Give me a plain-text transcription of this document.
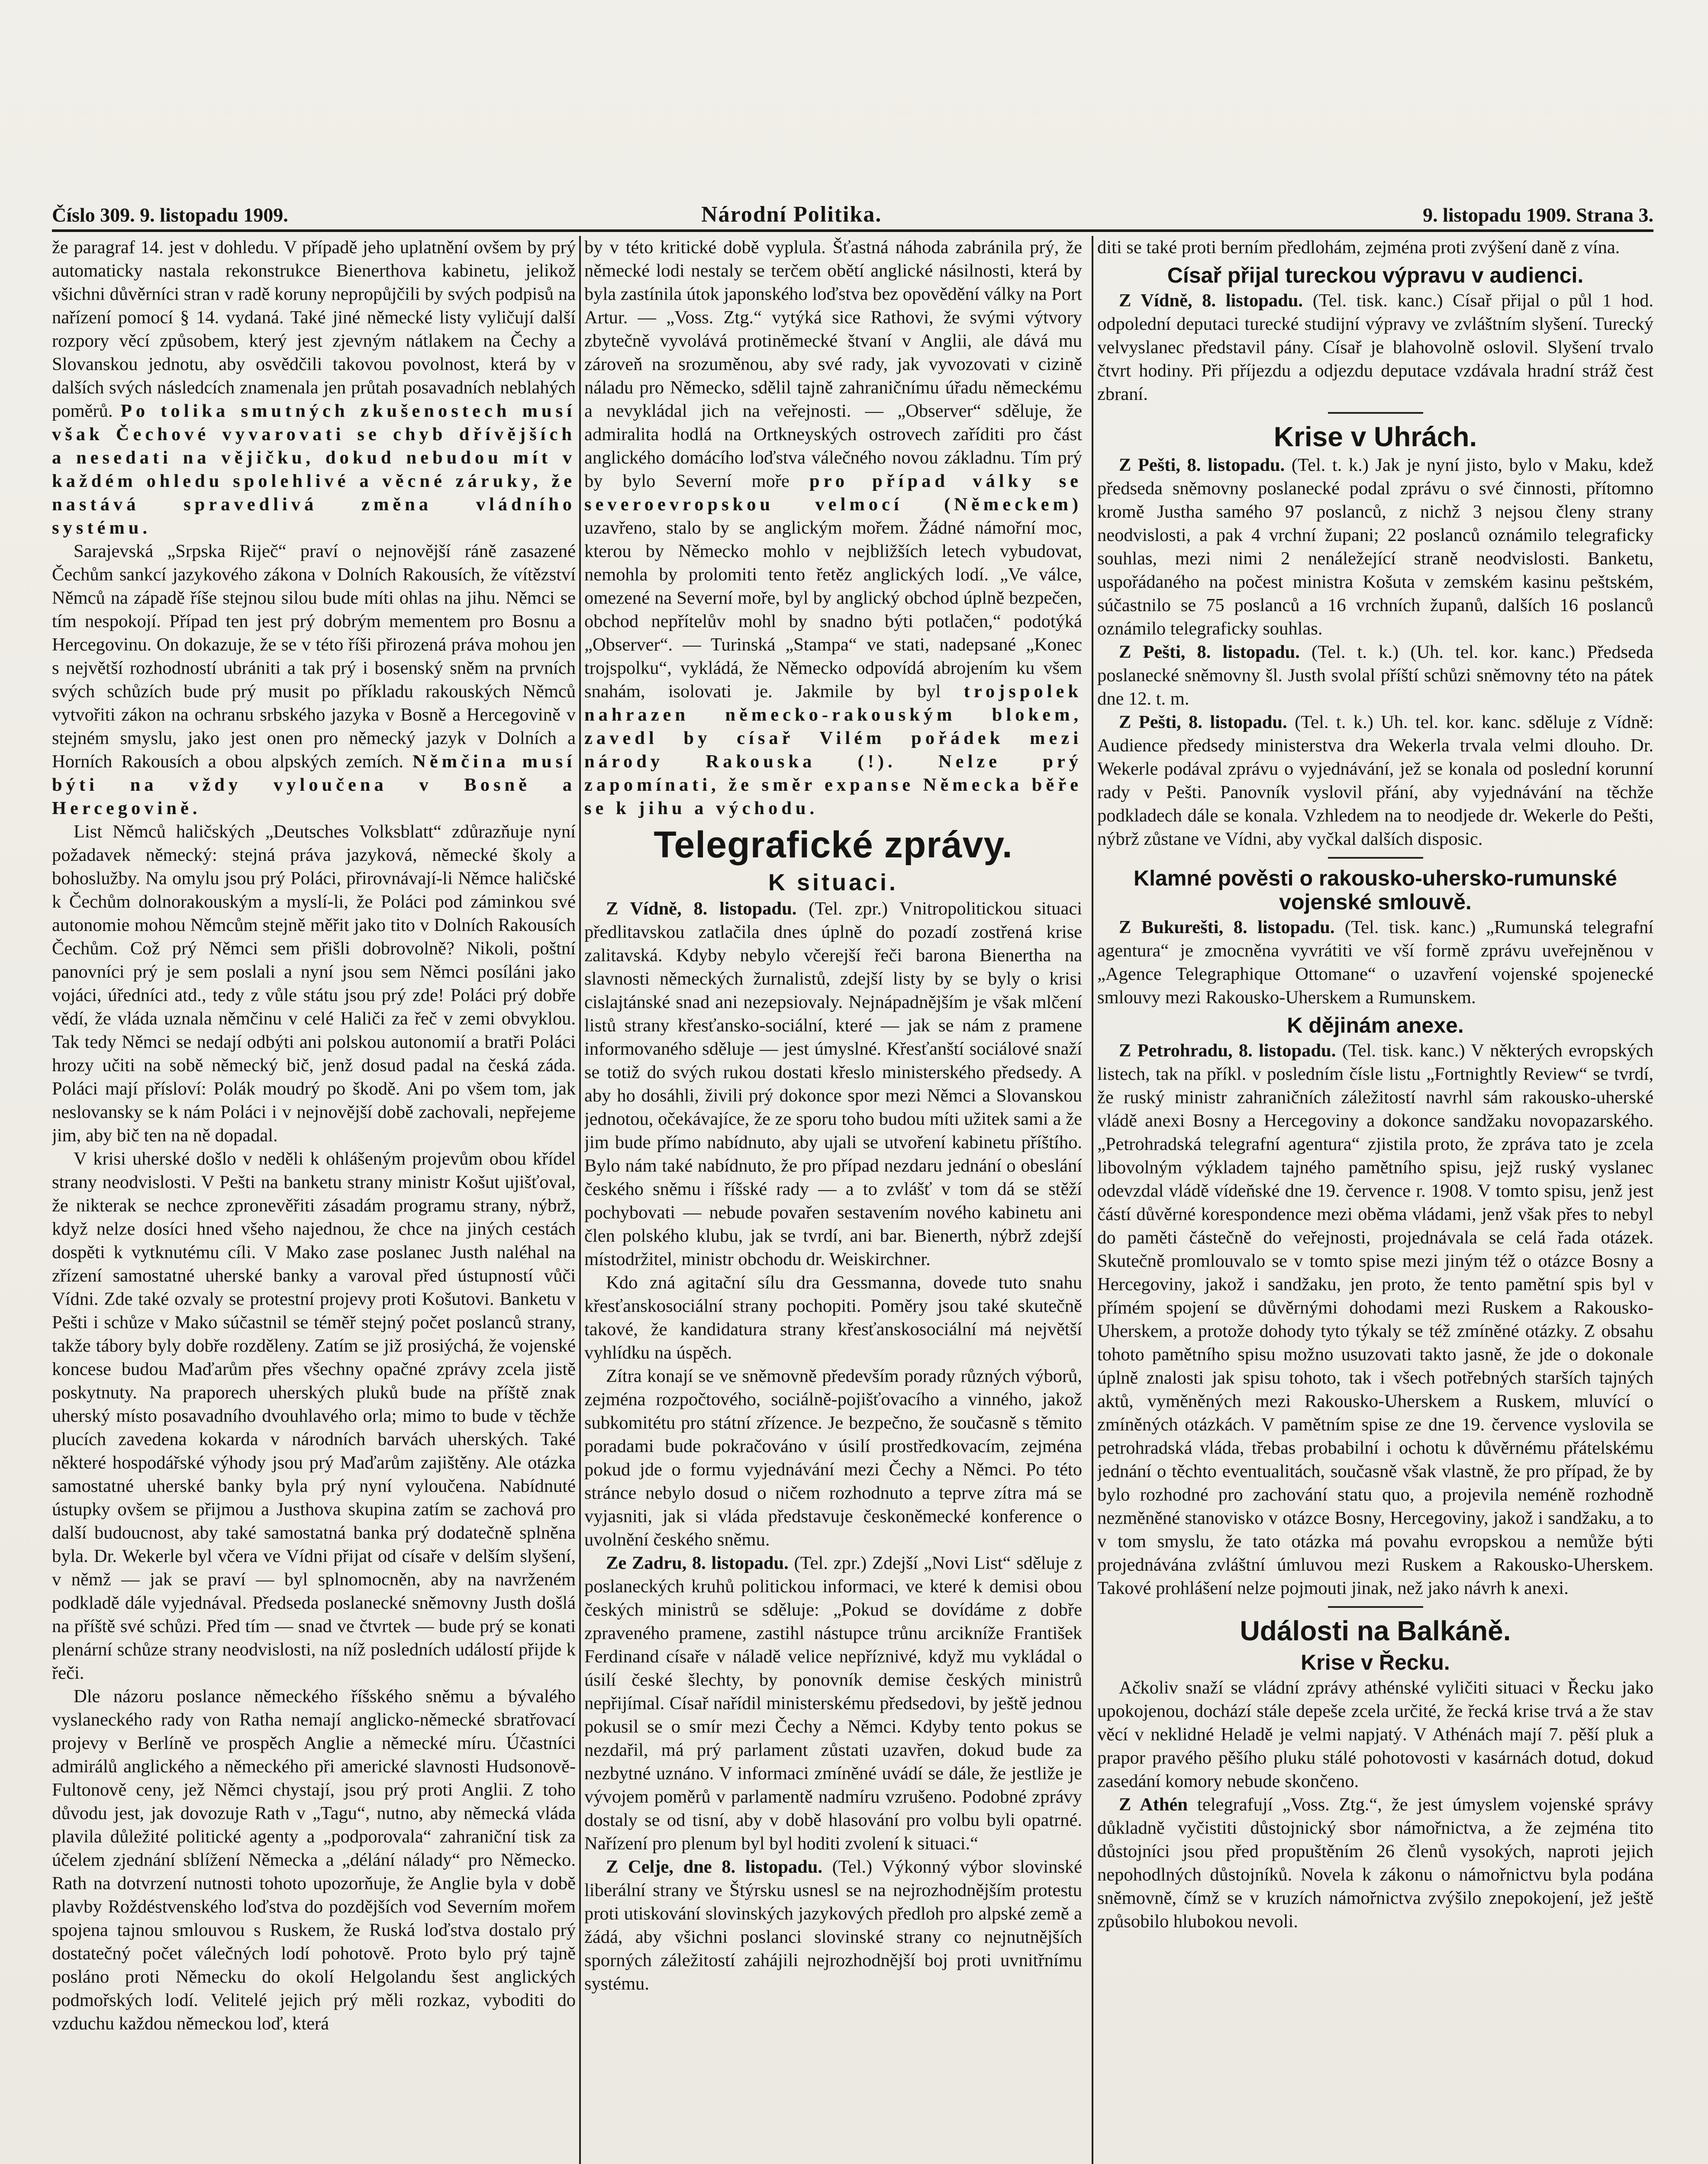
Číslo 309. 9. listopadu 1909.	Národní Politika.	9. listopadu 1909. Strana 3.

že paragraf 14. jest v dohledu. V případě jeho uplatnění ovšem by prý automaticky nastala rekonstrukce Bienerthova kabinetu, jelikož všichni důvěrníci stran v radě koruny nepropůjčili by svých podpisů na nařízení pomocí § 14. vydaná. Také jiné německé listy vyličují další rozpory věcí způsobem, který jest zjevným nátlakem na Čechy a Slovanskou jednotu, aby osvědčili takovou povolnost, která by v dalších svých následcích znamenala jen průtah posavadních neblahých poměrů. Po tolika smutných zkušenostech musí však Čechové vyvarovati se chyb dřívějších a nesedati na vějičku, dokud nebudou mít v každém ohledu spolehlivé a věcné záruky, že nastává spravedlivá změna vládního systému.

Sarajevská „Srpska Riječ“ praví o nejnovější ráně zasazené Čechům sankcí jazykového zákona v Dolních Rakousích, že vítězství Němců na západě říše stejnou silou bude míti ohlas na jihu. Němci se tím nespokojí. Případ ten jest prý dobrým mementem pro Bosnu a Hercegovinu. On dokazuje, že se v této říši přirozená práva mohou jen s největší rozhodností ubrániti a tak prý i bosenský sněm na prvních svých schůzích bude prý musit po příkladu rakouských Němců vytvořiti zákon na ochranu srbského jazyka v Bosně a Hercegovině v stejném smyslu, jako jest onen pro německý jazyk v Dolních a Horních Rakousích a obou alpských zemích. Němčina musí býti na vždy vyloučena v Bosně a Hercegovině.

List Němců haličských „Deutsches Volksblatt“ zdůrazňuje nyní požadavek německý: stejná práva jazyková, německé školy a bohoslužby. Na omylu jsou prý Poláci, přirovnávají-li Němce haličské k Čechům dolnorakouským a myslí-li, že Poláci pod záminkou své autonomie mohou Němcům stejně měřit jako tito v Dolních Rakousích Čechům. Což prý Němci sem přišli dobrovolně? Nikoli, poštní panovníci prý je sem poslali a nyní jsou sem Němci posíláni jako vojáci, úředníci atd., tedy z vůle státu jsou prý zde! Poláci prý dobře vědí, že vláda uznala němčinu v celé Haliči za řeč v zemi obvyklou. Tak tedy Němci se nedají odbýti ani polskou autonomií a bratři Poláci hrozy učiti na sobě německý bič, jenž dosud padal na česká záda. Poláci mají přísloví: Polák moudrý po škodě. Ani po všem tom, jak neslovansky se k nám Poláci i v nejnovější době zachovali, nepřejeme jim, aby bič ten na ně dopadal.

V krisi uherské došlo v neděli k ohlášeným projevům obou křídel strany neodvislosti. V Pešti na banketu strany ministr Košut ujišťoval, že nikterak se nechce zpronevěřiti zásadám programu strany, nýbrž, když nelze dosíci hned všeho najednou, že chce na jiných cestách dospěti k vytknutému cíli. V Mako zase poslanec Justh naléhal na zřízení samostatné uherské banky a varoval před ústupností vůči Vídni. Zde také ozvaly se protestní projevy proti Košutovi. Banketu v Pešti i schůze v Mako súčastnil se téměř stejný počet poslanců strany, takže tábory byly dobře rozděleny. Zatím se již prosiýchá, že vojenské koncese budou Maďarům přes všechny opačné zprávy zcela jistě poskytnuty. Na praporech uherských pluků bude na příště znak uherský místo posavadního dvouhlavého orla; mimo to bude v těchže plucích zavedena kokarda v národních barvách uherských. Také některé hospodářské výhody jsou prý Maďarům zajištěny. Ale otázka samostatné uherské banky byla prý nyní vyloučena. Nabídnuté ústupky ovšem se přijmou a Justhova skupina zatím se zachová pro další budoucnost, aby také samostatná banka prý dodatečně splněna byla. Dr. Wekerle byl včera ve Vídni přijat od císaře v delším slyšení, v němž — jak se praví — byl splnomocněn, aby na navrženém podkladě dále vyjednával. Předseda poslanecké sněmovny Justh došlá na příště své schůzi. Před tím — snad ve čtvrtek — bude prý se konati plenární schůze strany neodvislosti, na níž posledních událostí přijde k řeči.

Dle názoru poslance německého říšského sněmu a bývalého vyslaneckého rady von Ratha nemají anglicko-německé sbratřovací projevy v Berlíně ve prospěch Anglie a německé míru. Účastníci admirálů anglického a německého při americké slavnosti Hudsonově-Fultonově ceny, jež Němci chystají, jsou prý proti Anglii. Z toho důvodu jest, jak dovozuje Rath v „Tagu“, nutno, aby německá vláda plavila důležité politické agenty a „podporovala“ zahraniční tisk za účelem zjednání sblížení Německa a „délání nálady“ pro Německo. Rath na dotvrzení nutnosti tohoto upozorňuje, že Anglie byla v době plavby Roždéstvenského loďstva do pozdějších vod Severním mořem spojena tajnou smlouvou s Ruskem, že Ruská loďstva dostalo prý dostatečný počet válečných lodí pohotově. Proto bylo prý tajně posláno proti Německu do okolí Helgolandu šest anglických podmořských lodí. Velitelé jejich prý měli rozkaz, vyboditi do vzduchu každou německou loď, která

by v této kritické době vyplula. Šťastná náhoda zabránila prý, že německé lodi nestaly se terčem obětí anglické násilnosti, která by byla zastínila útok japonského loďstva bez opovědění války na Port Artur. — „Voss. Ztg.“ vytýká sice Rathovi, že svými výtvory zbytečně vyvolává protiněmecké štvaní v Anglii, ale dává mu zároveň na srozuměnou, aby své rady, jak vyvozovati v cizině náladu pro Německo, sdělil tajně zahraničnímu úřadu německému a nevykládal jich na veřejnosti. — „Observer“ sděluje, že admiralita hodlá na Ortkneyských ostrovech zaříditi pro část anglického domácího loďstva válečného novou základnu. Tím prý by bylo Severní moře pro případ války se severoevropskou velmocí (Německem) uzavřeno, stalo by se anglickým mořem. Žádné námořní moc, kterou by Německo mohlo v nejbližších letech vybudovat, nemohla by prolomiti tento řetěz anglických lodí. „Ve válce, omezené na Severní moře, byl by anglický obchod úplně bezpečen, obchod nepřítelův mohl by snadno býti potlačen,“ podotýká „Observer“. — Turinská „Stampa“ ve stati, nadepsané „Konec trojspolku“, vykládá, že Německo odpovídá abrojením ku všem snahám, isolovati je. Jakmile by byl trojspolek nahrazen německo-rakouským blokem, zavedl by císař Vilém pořádek mezi národy Rakouska (!). Nelze prý zapomínati, že směr expanse Německa běře se k jihu a východu.

Telegrafické zprávy.
K situaci.

Z Vídně, 8. listopadu. (Tel. zpr.) Vnitropolitickou situaci předlitavskou zatlačila dnes úplně do pozadí zostřená krise zalitavská. Kdyby nebylo včerejší řeči barona Bienertha na slavnosti německých žurnalistů, zdejší listy by se byly o krisi cislajtánské snad ani nezepsiovaly. Nejnápadnějším je však mlčení listů strany křesťansko-sociální, které — jak se nám z pramene informovaného sděluje — jest úmyslné. Křesťanští sociálové snaží se totiž do svých rukou dostati křeslo ministerského předsedy. A aby ho dosáhli, živili prý dokonce spor mezi Němci a Slovanskou jednotou, očekávajíce, že ze sporu toho budou míti užitek sami a že jim bude přímo nabídnuto, aby ujali se utvoření kabinetu příštího. Bylo nám také nabídnuto, že pro případ nezdaru jednání o obeslání českého sněmu i říšské rady — a to zvlášť v tom dá se stěží pochybovati — nebude povařen sestavením nového kabinetu ani člen polského klubu, jak se tvrdí, ani bar. Bienerth, nýbrž zdejší místodržitel, ministr obchodu dr. Weiskirchner.

Kdo zná agitační sílu dra Gessmanna, dovede tuto snahu křesťanskosociální strany pochopiti. Poměry jsou také skutečně takové, že kandidatura strany křesťanskosociální má největší vyhlídku na úspěch.

Zítra konají se ve sněmovně především porady různých výborů, zejména rozpočtového, sociálně-pojišťovacího a vinného, jakož subkomitétu pro státní zřízence. Je bezpečno, že současně s těmito poradami bude pokračováno v úsilí prostředkovacím, zejména pokud jde o formu vyjednávání mezi Čechy a Němci. Po této stránce nebylo dosud o ničem rozhodnuto a teprve zítra má se vyjasniti, jak si vláda představuje českoněmecké konference o uvolnění českého sněmu.

Ze Zadru, 8. listopadu. (Tel. zpr.) Zdejší „Novi List“ sděluje z poslaneckých kruhů politickou informaci, ve které k demisi obou českých ministrů se sděluje: „Pokud se dovídáme z dobře zpraveného pramene, zastihl nástupce trůnu arcikníže František Ferdinand císaře v náladě velice nepříznivé, když mu vykládal o úsilí české šlechty, by ponovník demise českých ministrů nepřijímal. Císař nařídil ministerskému předsedovi, by ještě jednou pokusil se o smír mezi Čechy a Němci. Kdyby tento pokus se nezdařil, má prý parlament zůstati uzavřen, dokud bude za nezbytné uznáno. V informaci zmíněné uvádí se dále, že jestliže je vývojem poměrů v parlamentě nadmíru vzrušeno. Podobné zprávy dostaly se od tisní, aby v době hlasování pro volbu byli opatrné. Nařízení pro plenum byl byl hoditi zvolení k situaci.“

Z Celje, dne 8. listopadu. (Tel.) Výkonný výbor slovinské liberální strany ve Štýrsku usnesl se na nejrozhodnějším protestu proti utiskování slovinských jazykových předloh pro alpské země a žádá, aby všichni poslanci slovinské strany co nejnutnějších sporných záležitostí zahájili nejrozhodnější boj proti uvnitřnímu systému.

diti se také proti berním předlohám, zejména proti zvýšení daně z vína.

Císař přijal tureckou výpravu v audienci.

Z Vídně, 8. listopadu. (Tel. tisk. kanc.) Císař přijal o půl 1 hod. odpolední deputaci turecké studijní výpravy ve zvláštním slyšení. Turecký velvyslanec představil pány. Císař je blahovolně oslovil. Slyšení trvalo čtvrt hodiny. Při příjezdu a odjezdu deputace vzdávala hradní stráž čest zbraní.

Krise v Uhrách.

Z Pešti, 8. listopadu. (Tel. t. k.) Jak je nyní jisto, bylo v Maku, kdež předseda sněmovny poslanecké podal zprávu o své činnosti, přítomno kromě Justha samého 97 poslanců, z nichž 3 nejsou členy strany neodvislosti, a pak 4 vrchní župani; 22 poslanců oznámilo telegraficky souhlas, mezi nimi 2 nenáležející straně neodvislosti. Banketu, uspořádaného na počest ministra Košuta v zemském kasinu peštském, súčastnilo se 75 poslanců a 16 vrchních županů, dalších 16 poslanců oznámilo telegraficky souhlas.

Z Pešti, 8. listopadu. (Tel. t. k.) (Uh. tel. kor. kanc.) Předseda poslanecké sněmovny šl. Justh svolal příští schůzi sněmovny této na pátek dne 12. t. m.

Z Pešti, 8. listopadu. (Tel. t. k.) Uh. tel. kor. kanc. sděluje z Vídně: Audience předsedy ministerstva dra Wekerla trvala velmi dlouho. Dr. Wekerle podával zprávu o vyjednávání, jež se konala od poslední korunní rady v Pešti. Panovník vyslovil přání, aby vyjednávání na těchže podkladech dále se konala. Vzhledem na to neodjede dr. Wekerle do Pešti, nýbrž zůstane ve Vídni, aby vyčkal dalších disposic.

Klamné pověsti o rakousko-uhersko-rumunské vojenské smlouvě.

Z Bukurešti, 8. listopadu. (Tel. tisk. kanc.) „Rumunská telegrafní agentura“ je zmocněna vyvrátiti ve vší formě zprávu uveřejněnou v „Agence Telegraphique Ottomane“ o uzavření vojenské spojenecké smlouvy mezi Rakousko-Uherskem a Rumunskem.

K dějinám anexe.

Z Petrohradu, 8. listopadu. (Tel. tisk. kanc.) V některých evropských listech, tak na příkl. v posledním čísle listu „Fortnightly Review“ se tvrdí, že ruský ministr zahraničních záležitostí navrhl sám rakousko-uherské vládě anexi Bosny a Hercegoviny a dokonce sandžaku novopazarského. „Petrohradská telegrafní agentura“ zjistila proto, že zpráva tato je zcela libovolným výkladem tajného pamětního spisu, jejž ruský vyslanec odevzdal vládě vídeňské dne 19. července r. 1908. V tomto spisu, jenž jest částí důvěrné korespondence mezi oběma vládami, jenž však přes to nebyl do paměti částečně do veřejnosti, projednávala se celá řada otázek. Skutečně promlouvalo se v tomto spise mezi jiným též o otázce Bosny a Hercegoviny, jakož i sandžaku, jen proto, že tento pamětní spis byl v přímém spojení se důvěrnými dohodami mezi Ruskem a Rakousko-Uherskem, a protože dohody tyto týkaly se též zmíněné otázky. Z obsahu tohoto pamětního spisu možno usuzovati takto jasně, že jde o dokonale úplně znalosti jak spisu tohoto, tak i všech potřebných starších tajných aktů, vyměněných mezi Rakousko-Uherskem a Ruskem, mluvící o zmíněných otázkách. V pamětním spise ze dne 19. července vyslovila se petrohradská vláda, třebas probabilní i ochotu k důvěrnému přátelskému jednání o těchto eventualitách, současně však vlastně, že pro případ, že by bylo rozhodné pro zachování statu quo, a projevila neméně rozhodně nezměněné stanovisko v otázce Bosny, Hercegoviny, jakož i sandžaku, a to v tom smyslu, že tato otázka má povahu evropskou a nemůže býti projednávána zvláštní úmluvou mezi Ruskem a Rakousko-Uherskem. Takové prohlášení nelze pojmouti jinak, než jako návrh k anexi.

Události na Balkáně.
Krise v Řecku.

Ačkoliv snaží se vládní zprávy athénské vyličiti situaci v Řecku jako upokojenou, dochází stále depeše zcela určité, že řecká krise trvá a že stav věcí v neklidné Heladě je velmi napjatý. V Athénách mají 7. pěší pluk a prapor pravého pěšího pluku stálé pohotovosti v kasárnách dotud, dokud zasedání komory nebude skončeno.

Z Athén telegrafují „Voss. Ztg.“, že jest úmyslem vojenské správy důkladně vyčistiti důstojnický sbor námořnictva, a že zejména tito důstojníci jsou před propuštěním 26 členů vysokých, naproti jejich nepohodlných důstojníků. Novela k zákonu o námořnictvu byla podána sněmovně, čímž se v kruzích námořnictva zvýšilo znepokojení, jež ještě způsobilo hlubokou nevoli.
